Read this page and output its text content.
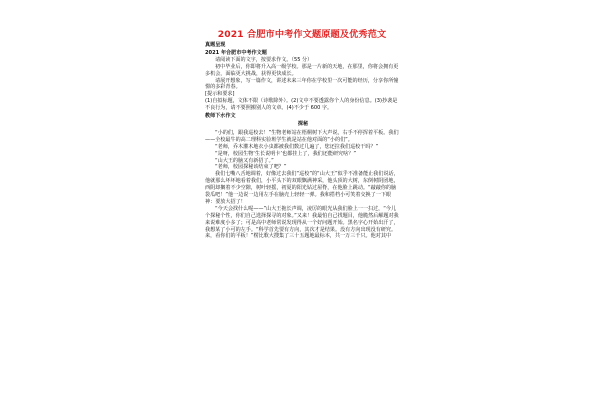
2021 合肥市中考作文题原题及优秀范文
真题呈现
2021 年合肥市中考作文题
请阅读下面的文字，按要求作文。（55 分）
初中毕业后，你即将升入高一级学校。那是一片新的天地，在那里，你将会拥有更多机会，面临更大挑战，获得更快成长。
请展开想象，写一篇作文，讲述未来三年你在学校里一次可能的经历，分享你所憧憬的多彩青春。
[提示和要求]
(1)自拟标题，文体不限（诗歌除外）。(2)文中不要透露你个人的身份信息。(3)抄袭是不良行为，请不要照搬别人的文章。(4)不少于 600 字。
教师下水作文
探秘
“小的们，跟我巡校去！”生物老师站在梧桐树下大声说，右手不停挥着平板。我们——全校最牛的高二理科实验班学生就是站在他对面的“小的们”。
“老师，乔木灌木地衣小虫都被我们数过几遍了，您还拉我们巡校干吗？”
“是呀，校园生物‘生长说明卡’也都挂上了，我们还能研究啥？”
“山大王的脑又有新招了。”
“老师，校园探秘该结束了吧？”
我们七嘴八舌地调着，好像过去我们“巡校”的“山大王”似乎不准备能止我们说话，他就那么坏坏地看着我们，小平头下的双眼飘满神采，他头顶的大树，东倒树阴团地，西阴却搁着不少空隙，树叶轻摇，初夏的阳光钻过屋脊，在他脸上跳动。“敲敲你的脑袋瓜吧！”他一边说一边用左手在脑壳上轻轻一弹。我和搭档小可笑着交换了一下眼神：要放大招了！
“今天会找什么呢——”山大王拖长声调，凌厉的眼光从我们脸上一一扫过，“今儿个探秘个性，你们自己选择探寻的对象。”又来！我最怕自己找题目，他脆然后解题对我来说难度小多了；可是高中老师常说发现得从一个好问题开始。黑名字心开始出汗了，我想某了小可的左手。“科学首先要有方向，其次才是结果。没有方向出现没有研究。来，看你们的平板！”楞比歌大搜集了三十五题地最标本，共一万三千只。他对其中
